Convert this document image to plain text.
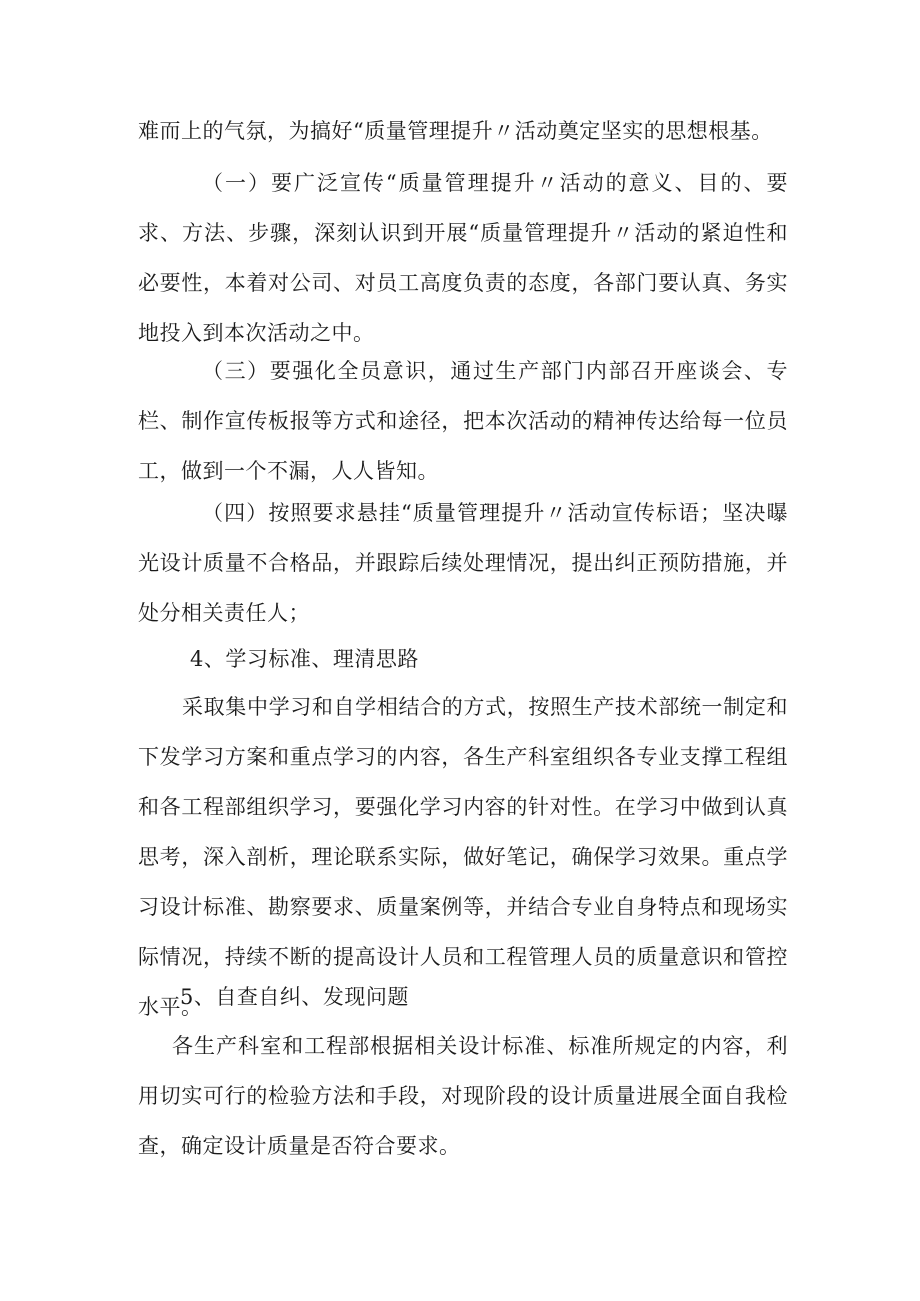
难而上的气氛，为搞好“质量管理提升〃活动奠定坚实的思想根基。

（一）要广泛宣传“质量管理提升〃活动的意义、目的、要求、方法、步骤，深刻认识到开展“质量管理提升〃活动的紧迫性和必要性，本着对公司、对员工高度负责的态度，各部门要认真、务实地投入到本次活动之中。

（三）要强化全员意识，通过生产部门内部召开座谈会、专栏、制作宣传板报等方式和途径，把本次活动的精神传达给每一位员工，做到一个不漏，人人皆知。

（四）按照要求悬挂“质量管理提升〃活动宣传标语；坚决曝光设计质量不合格品，并跟踪后续处理情况，提出纠正预防措施，并处分相关责任人；

4、学习标准、理清思路

采取集中学习和自学相结合的方式，按照生产技术部统一制定和下发学习方案和重点学习的内容，各生产科室组织各专业支撑工程组和各工程部组织学习，要强化学习内容的针对性。在学习中做到认真思考，深入剖析，理论联系实际，做好笔记，确保学习效果。重点学习设计标准、勘察要求、质量案例等，并结合专业自身特点和现场实际情况，持续不断的提高设计人员和工程管理人员的质量意识和管控水平。

5、自查自纠、发现问题

各生产科室和工程部根据相关设计标准、标准所规定的内容，利用切实可行的检验方法和手段，对现阶段的设计质量进展全面自我检查，确定设计质量是否符合要求。
